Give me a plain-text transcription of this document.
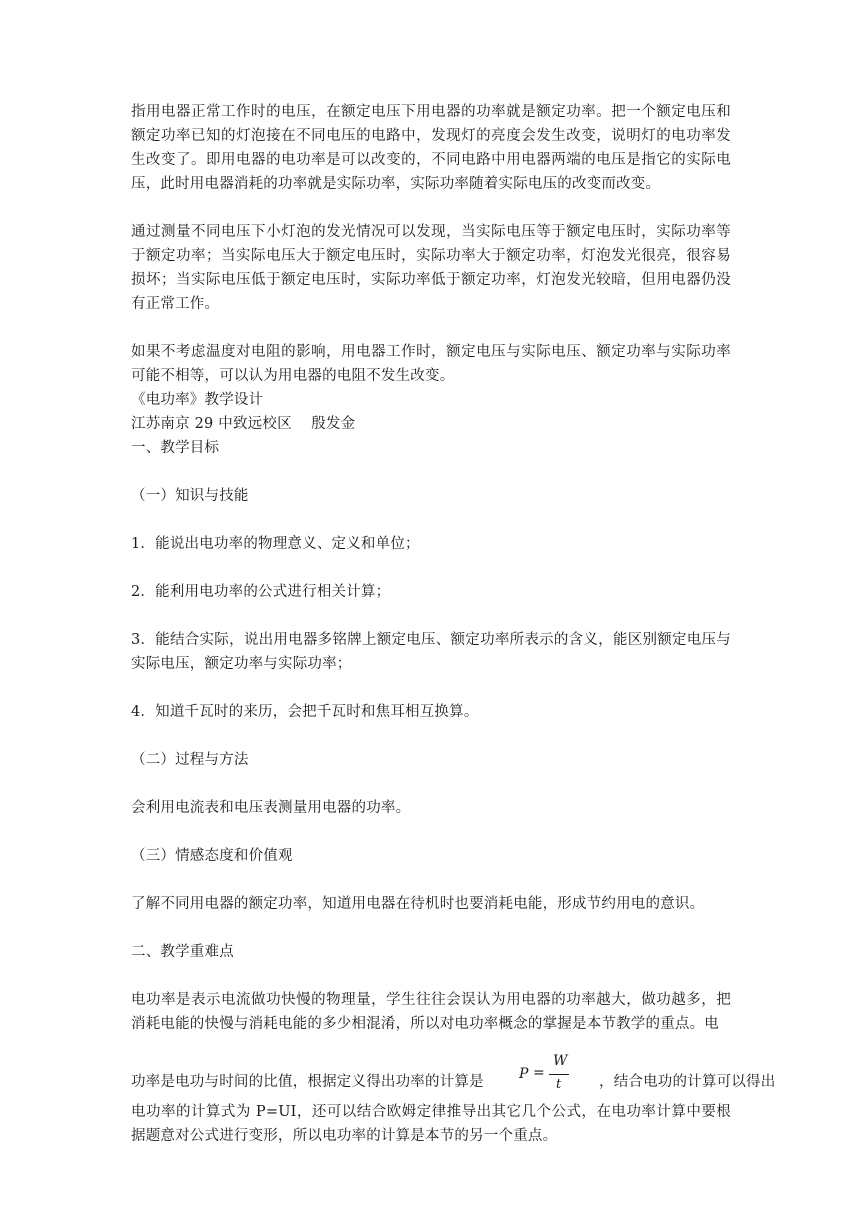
指用电器正常工作时的电压，在额定电压下用电器的功率就是额定功率。把一个额定电压和额定功率已知的灯泡接在不同电压的电路中，发现灯的亮度会发生改变，说明灯的电功率发生改变了。即用电器的电功率是可以改变的，不同电路中用电器两端的电压是指它的实际电压，此时用电器消耗的功率就是实际功率，实际功率随着实际电压的改变而改变。

通过测量不同电压下小灯泡的发光情况可以发现，当实际电压等于额定电压时，实际功率等于额定功率；当实际电压大于额定电压时，实际功率大于额定功率，灯泡发光很亮，很容易损坏；当实际电压低于额定电压时，实际功率低于额定功率，灯泡发光较暗，但用电器仍没有正常工作。

如果不考虑温度对电阻的影响，用电器工作时，额定电压与实际电压、额定功率与实际功率可能不相等，可以认为用电器的电阻不发生改变。

《电功率》教学设计

江苏南京 29 中致远校区　 殷发金

一、教学目标

（一）知识与技能

1．能说出电功率的物理意义、定义和单位；

2．能利用电功率的公式进行相关计算；

3．能结合实际，说出用电器多铭牌上额定电压、额定功率所表示的含义，能区别额定电压与实际电压，额定功率与实际功率；

4．知道千瓦时的来历，会把千瓦时和焦耳相互换算。

（二）过程与方法

会利用电流表和电压表测量用电器的功率。

（三）情感态度和价值观

了解不同用电器的额定功率，知道用电器在待机时也要消耗电能，形成节约用电的意识。

二、教学重难点

电功率是表示电流做功快慢的物理量，学生往往会误认为用电器的功率越大，做功越多，把消耗电能的快慢与消耗电能的多少相混淆，所以对电功率概念的掌握是本节教学的重点。电

功率是电功与时间的比值，根据定义得出功率的计算是	P =
W
t	，结合电功的计算可以得出

电功率的计算式为 P=UI，还可以结合欧姆定律推导出其它几个公式，在电功率计算中要根据题意对公式进行变形，所以电功率的计算是本节的另一个重点。
